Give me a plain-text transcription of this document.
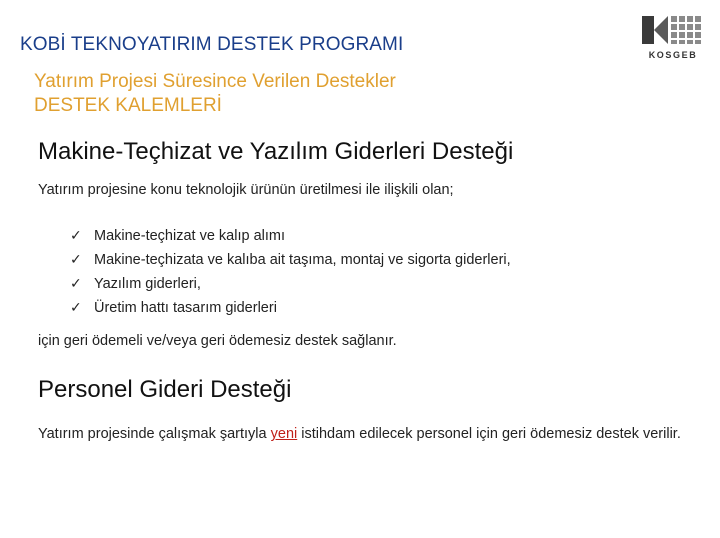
KOBİ TEKNOYATIRIM DESTEK PROGRAMI	KOSGEB
Yatırım Projesi Süresince Verilen Destekler
DESTEK KALEMLERİ
Makine-Teçhizat ve Yazılım Giderleri Desteği
Yatırım projesine konu teknolojik ürünün üretilmesi ile ilişkili olan;
✓ Makine-teçhizat ve kalıp alımı
✓ Makine-teçhizata ve kalıba ait taşıma, montaj ve sigorta giderleri,
✓ Yazılım giderleri,
✓ Üretim hattı tasarım giderleri
için geri ödemeli ve/veya geri ödemesiz destek sağlanır.
Personel Gideri Desteği
Yatırım projesinde çalışmak şartıyla yeni istihdam edilecek personel için geri ödemesiz destek verilir.
